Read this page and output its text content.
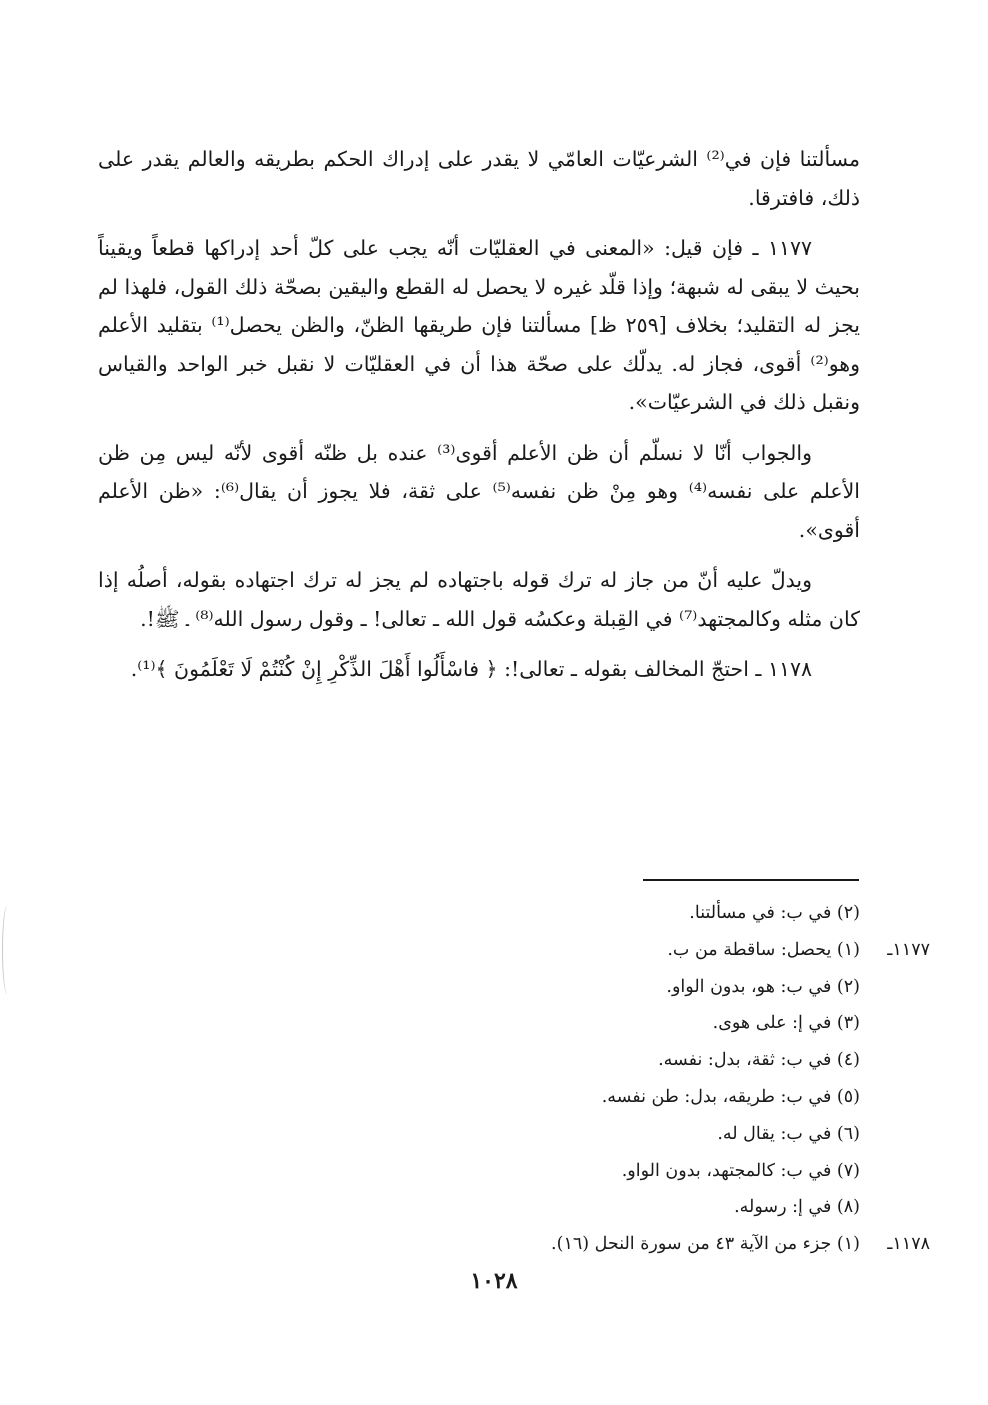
مسألتنا فإن في⁽²⁾ الشرعيّات العامّي لا يقدر على إدراك الحكم بطريقه والعالم يقدر على ذلك، فافترقا.

١١٧٧ ـ فإن قيل: «المعنى في العقليّات أنّه يجب على كلّ أحد إدراكها قطعاً ويقيناً بحيث لا يبقى له شبهة؛ وإذا قلّد غيره لا يحصل له القطع واليقين بصحّة ذلك القول، فلهذا لم يجز له التقليد؛ بخلاف [٢٥٩ ظ] مسألتنا فإن طريقها الظنّ، والظن يحصل⁽¹⁾ بتقليد الأعلم وهو⁽²⁾ أقوى، فجاز له. يدلّك على صحّة هذا أن في العقليّات لا نقبل خبر الواحد والقياس ونقبل ذلك في الشرعيّات».

والجواب أنّا لا نسلّم أن ظن الأعلم أقوى⁽³⁾ عنده بل ظنّه أقوى لأنّه ليس مِن ظن الأعلم على نفسه⁽⁴⁾ وهو مِنْ ظن نفسه⁽⁵⁾ على ثقة، فلا يجوز أن يقال⁽⁶⁾: «ظن الأعلم أقوى».

ويدلّ عليه أنّ من جاز له ترك قوله باجتهاده لم يجز له ترك اجتهاده بقوله، أصلُه إذا كان مثله وكالمجتهد⁽⁷⁾ في القِبلة وعكسُه قول الله ـ تعالى! ـ وقول رسول الله⁽⁸⁾ ـ ﷺ!.

١١٧٨ ـ احتجّ المخالف بقوله ـ تعالى!: ﴿ فاسْأَلُوا أَهْلَ الذِّكْرِ إِنْ كُنْتُمْ لَا تَعْلَمُونَ ﴾⁽¹⁾.

(٢) في ب: في مسألتنا.
١١٧٧ـ
(١) يحصل: ساقطة من ب.
(٢) في ب: هو، بدون الواو.
(٣) في إ: على هوى.
(٤) في ب: ثقة، بدل: نفسه.
(٥) في ب: طريقه، بدل: طن نفسه.
(٦) في ب: يقال له.
(٧) في ب: كالمجتهد، بدون الواو.
(٨) في إ: رسوله.
١١٧٨ـ
(١) جزء من الآية ٤٣ من سورة النحل (١٦).
١٠٢٨
